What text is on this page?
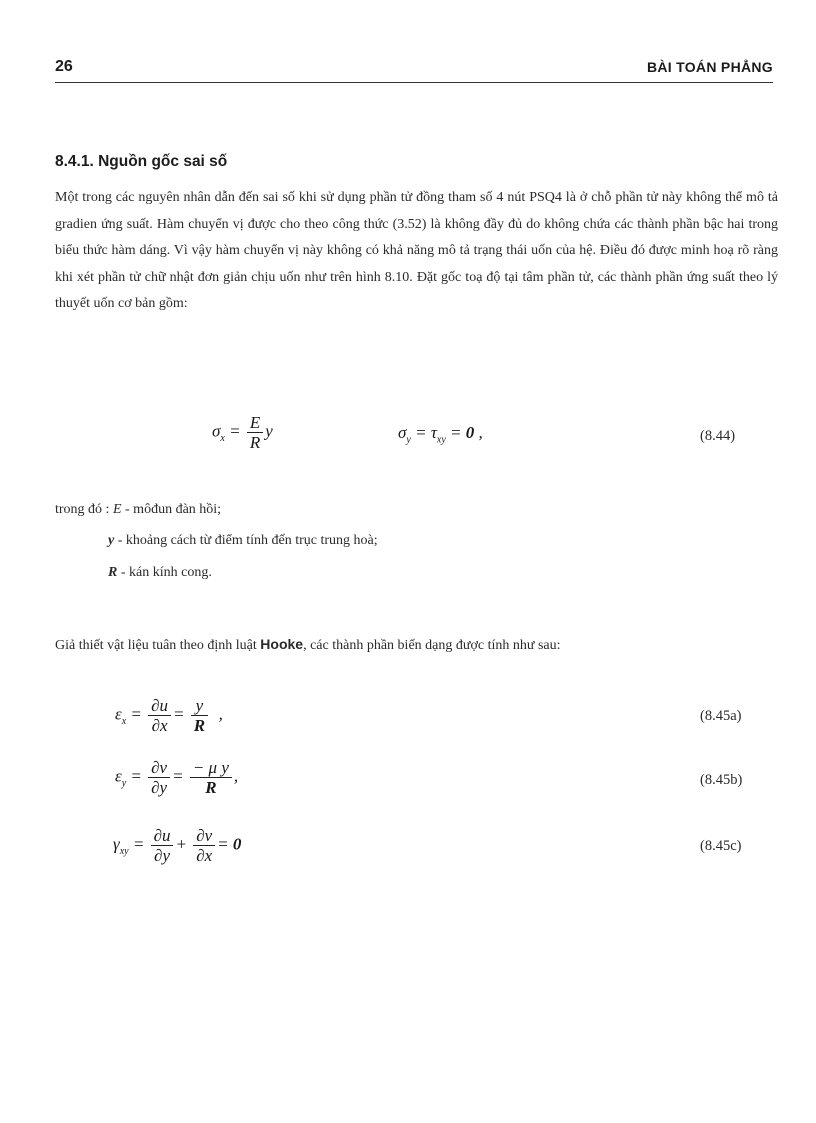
26	BÀI TOÁN PHẲNG
8.4.1. Nguồn gốc sai số
Một trong các nguyên nhân dẫn đến sai số khi sử dụng phần tử đồng tham số 4 nút PSQ4 là ở chỗ phần tử này không thể mô tả gradien ứng suất. Hàm chuyển vị được cho theo công thức (3.52) là không đầy đủ do không chứa các thành phần bậc hai trong biểu thức hàm dáng. Vì vậy hàm chuyển vị này không có khả năng mô tả trạng thái uốn của hệ. Điều đó được minh hoạ rõ ràng khi xét phần tử chữ nhật đơn giản chịu uốn như trên hình 8.10. Đặt gốc toạ độ tại tâm phần tử, các thành phần ứng suất theo lý thuyết uốn cơ bản gồm:
$\sigma_x = \frac{E}{R}$ y	$\sigma_y = \tau_{xy} = 0$ ,	(8.44)
trong đó : E - môđun đàn hồi;
y - khoảng cách từ điểm tính đến trục trung hoà;
R - kán kính cong.
Giả thiết vật liệu tuân theo định luật Hooke, các thành phần biến dạng được tính như sau:
$\varepsilon_x = \frac{\partial u}{\partial x} = \frac{y}{R}$ ,	(8.45a)
$\varepsilon_y = \frac{\partial v}{\partial y} = \frac{\text{− μ y}}{R}$ ,	(8.45b)
$\gamma_{xy} = \frac{\partial u}{\partial y} + \frac{\partial v}{\partial x} = 0$	(8.45c)
